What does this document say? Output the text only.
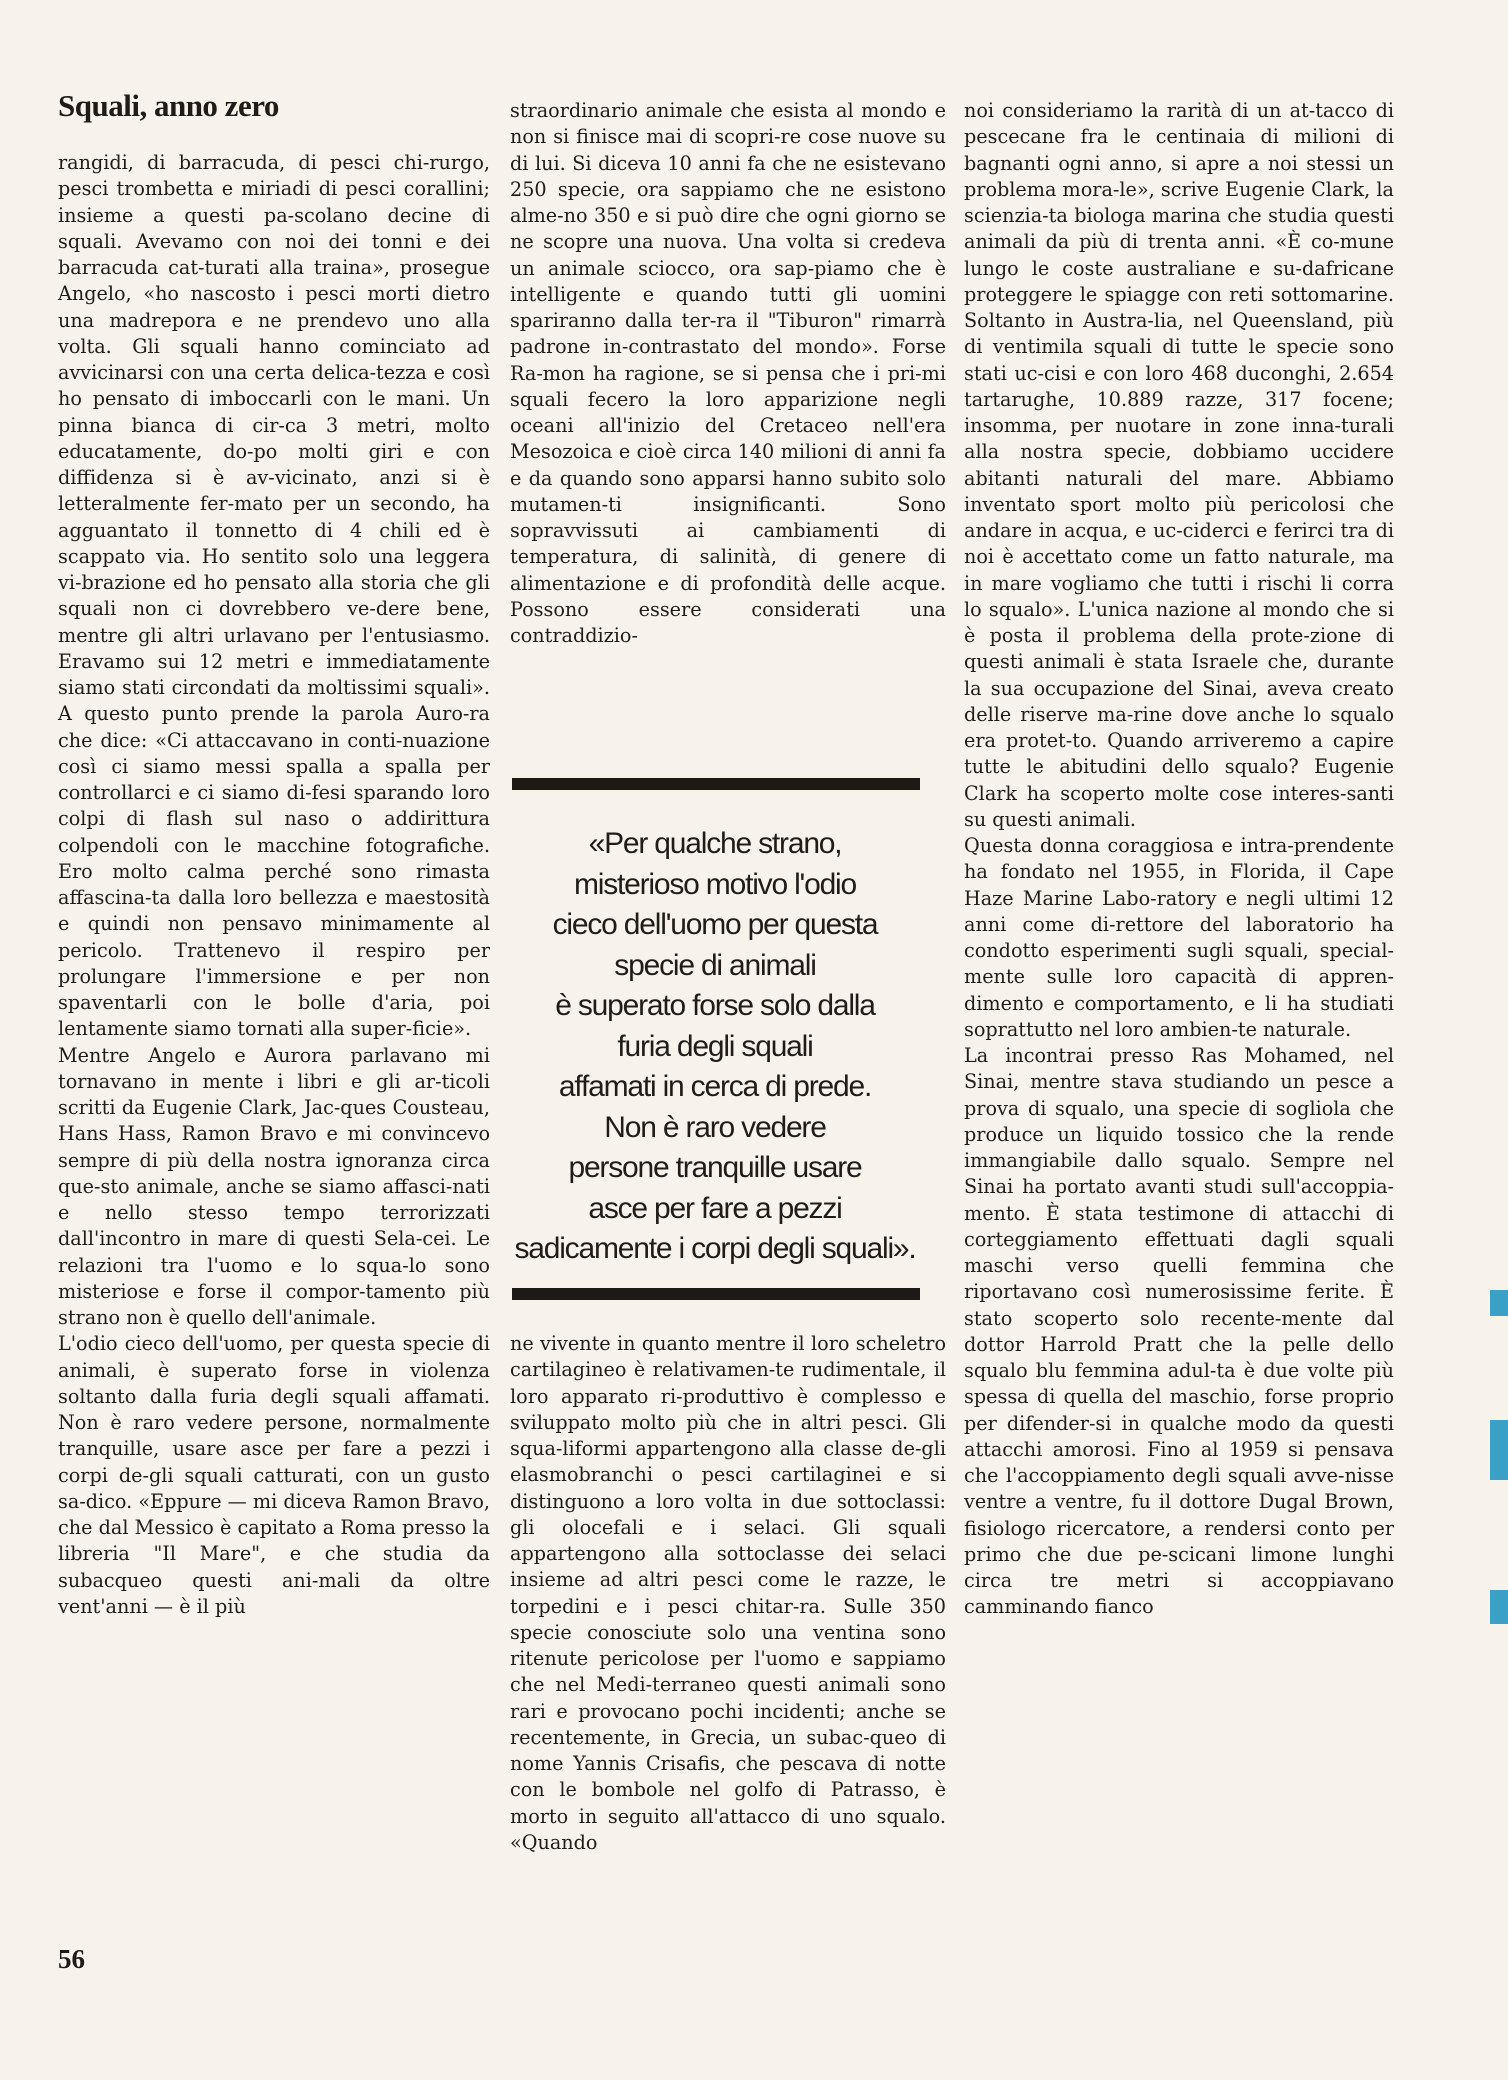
Squali, anno zero

rangidi, di barracuda, di pesci chi-rurgo, pesci trombetta e miriadi di pesci corallini; insieme a questi pa-scolano decine di squali. Avevamo con noi dei tonni e dei barracuda cat-turati alla traina», prosegue Angelo, «ho nascosto i pesci morti dietro una madrepora e ne prendevo uno alla volta. Gli squali hanno cominciato ad avvicinarsi con una certa delica-tezza e così ho pensato di imboccarli con le mani. Un pinna bianca di cir-ca 3 metri, molto educatamente, do-po molti giri e con diffidenza si è av-vicinato, anzi si è letteralmente fer-mato per un secondo, ha agguantato il tonnetto di 4 chili ed è scappato via. Ho sentito solo una leggera vi-brazione ed ho pensato alla storia che gli squali non ci dovrebbero ve-dere bene, mentre gli altri urlavano per l'entusiasmo. Eravamo sui 12 metri e immediatamente siamo stati circondati da moltissimi squali». A questo punto prende la parola Auro-ra che dice: «Ci attaccavano in conti-nuazione così ci siamo messi spalla a spalla per controllarci e ci siamo di-fesi sparando loro colpi di flash sul naso o addirittura colpendoli con le macchine fotografiche. Ero molto calma perché sono rimasta affascina-ta dalla loro bellezza e maestosità e quindi non pensavo minimamente al pericolo. Trattenevo il respiro per prolungare l'immersione e per non spaventarli con le bolle d'aria, poi lentamente siamo tornati alla super-ficie».

Mentre Angelo e Aurora parlavano mi tornavano in mente i libri e gli ar-ticoli scritti da Eugenie Clark, Jac-ques Cousteau, Hans Hass, Ramon Bravo e mi convincevo sempre di più della nostra ignoranza circa que-sto animale, anche se siamo affasci-nati e nello stesso tempo terrorizzati dall'incontro in mare di questi Sela-cei. Le relazioni tra l'uomo e lo squa-lo sono misteriose e forse il compor-tamento più strano non è quello dell'animale.

L'odio cieco dell'uomo, per questa specie di animali, è superato forse in violenza soltanto dalla furia degli squali affamati. Non è raro vedere persone, normalmente tranquille, usare asce per fare a pezzi i corpi de-gli squali catturati, con un gusto sa-dico. «Eppure — mi diceva Ramon Bravo, che dal Messico è capitato a Roma presso la libreria "Il Mare", e che studia da subacqueo questi ani-mali da oltre vent'anni — è il più

straordinario animale che esista al mondo e non si finisce mai di scopri-re cose nuove su di lui. Si diceva 10 anni fa che ne esistevano 250 specie, ora sappiamo che ne esistono alme-no 350 e si può dire che ogni giorno se ne scopre una nuova. Una volta si credeva un animale sciocco, ora sap-piamo che è intelligente e quando tutti gli uomini spariranno dalla ter-ra il "Tiburon" rimarrà padrone in-contrastato del mondo». Forse Ra-mon ha ragione, se si pensa che i pri-mi squali fecero la loro apparizione negli oceani all'inizio del Cretaceo nell'era Mesozoica e cioè circa 140 milioni di anni fa e da quando sono apparsi hanno subito solo mutamen-ti insignificanti. Sono sopravvissuti ai cambiamenti di temperatura, di salinità, di genere di alimentazione e di profondità delle acque. Possono essere considerati una contraddizio-

«Per qualche strano,
misterioso motivo l'odio
cieco dell'uomo per questa
specie di animali
è superato forse solo dalla
furia degli squali
affamati in cerca di prede.
Non è raro vedere
persone tranquille usare
asce per fare a pezzi
sadicamente i corpi degli squali».

ne vivente in quanto mentre il loro scheletro cartilagineo è relativamen-te rudimentale, il loro apparato ri-produttivo è complesso e sviluppato molto più che in altri pesci. Gli squa-liformi appartengono alla classe de-gli elasmobranchi o pesci cartilaginei e si distinguono a loro volta in due sottoclassi: gli olocefali e i selaci. Gli squali appartengono alla sottoclasse dei selaci insieme ad altri pesci come le razze, le torpedini e i pesci chitar-ra. Sulle 350 specie conosciute solo una ventina sono ritenute pericolose per l'uomo e sappiamo che nel Medi-terraneo questi animali sono rari e provocano pochi incidenti; anche se recentemente, in Grecia, un subac-queo di nome Yannis Crisafis, che pescava di notte con le bombole nel golfo di Patrasso, è morto in seguito all'attacco di uno squalo. «Quando

noi consideriamo la rarità di un at-tacco di pescecane fra le centinaia di milioni di bagnanti ogni anno, si apre a noi stessi un problema mora-le», scrive Eugenie Clark, la scienzia-ta biologa marina che studia questi animali da più di trenta anni. «È co-mune lungo le coste australiane e su-dafricane proteggere le spiagge con reti sottomarine. Soltanto in Austra-lia, nel Queensland, più di ventimila squali di tutte le specie sono stati uc-cisi e con loro 468 duconghi, 2.654 tartarughe, 10.889 razze, 317 focene; insomma, per nuotare in zone inna-turali alla nostra specie, dobbiamo uccidere abitanti naturali del mare. Abbiamo inventato sport molto più pericolosi che andare in acqua, e uc-ciderci e ferirci tra di noi è accettato come un fatto naturale, ma in mare vogliamo che tutti i rischi li corra lo squalo». L'unica nazione al mondo che si è posta il problema della prote-zione di questi animali è stata Israele che, durante la sua occupazione del Sinai, aveva creato delle riserve ma-rine dove anche lo squalo era protet-to. Quando arriveremo a capire tutte le abitudini dello squalo? Eugenie Clark ha scoperto molte cose interes-santi su questi animali.

Questa donna coraggiosa e intra-prendente ha fondato nel 1955, in Florida, il Cape Haze Marine Labo-ratory e negli ultimi 12 anni come di-rettore del laboratorio ha condotto esperimenti sugli squali, special-mente sulle loro capacità di appren-dimento e comportamento, e li ha studiati soprattutto nel loro ambien-te naturale.

La incontrai presso Ras Mohamed, nel Sinai, mentre stava studiando un pesce a prova di squalo, una specie di sogliola che produce un liquido tossico che la rende immangiabile dallo squalo. Sempre nel Sinai ha portato avanti studi sull'accoppia-mento. È stata testimone di attacchi di corteggiamento effettuati dagli squali maschi verso quelli femmina che riportavano così numerosissime ferite. È stato scoperto solo recente-mente dal dottor Harrold Pratt che la pelle dello squalo blu femmina adul-ta è due volte più spessa di quella del maschio, forse proprio per difender-si in qualche modo da questi attacchi amorosi. Fino al 1959 si pensava che l'accoppiamento degli squali avve-nisse ventre a ventre, fu il dottore Dugal Brown, fisiologo ricercatore, a rendersi conto per primo che due pe-scicani limone lunghi circa tre metri si accoppiavano camminando fianco

56
